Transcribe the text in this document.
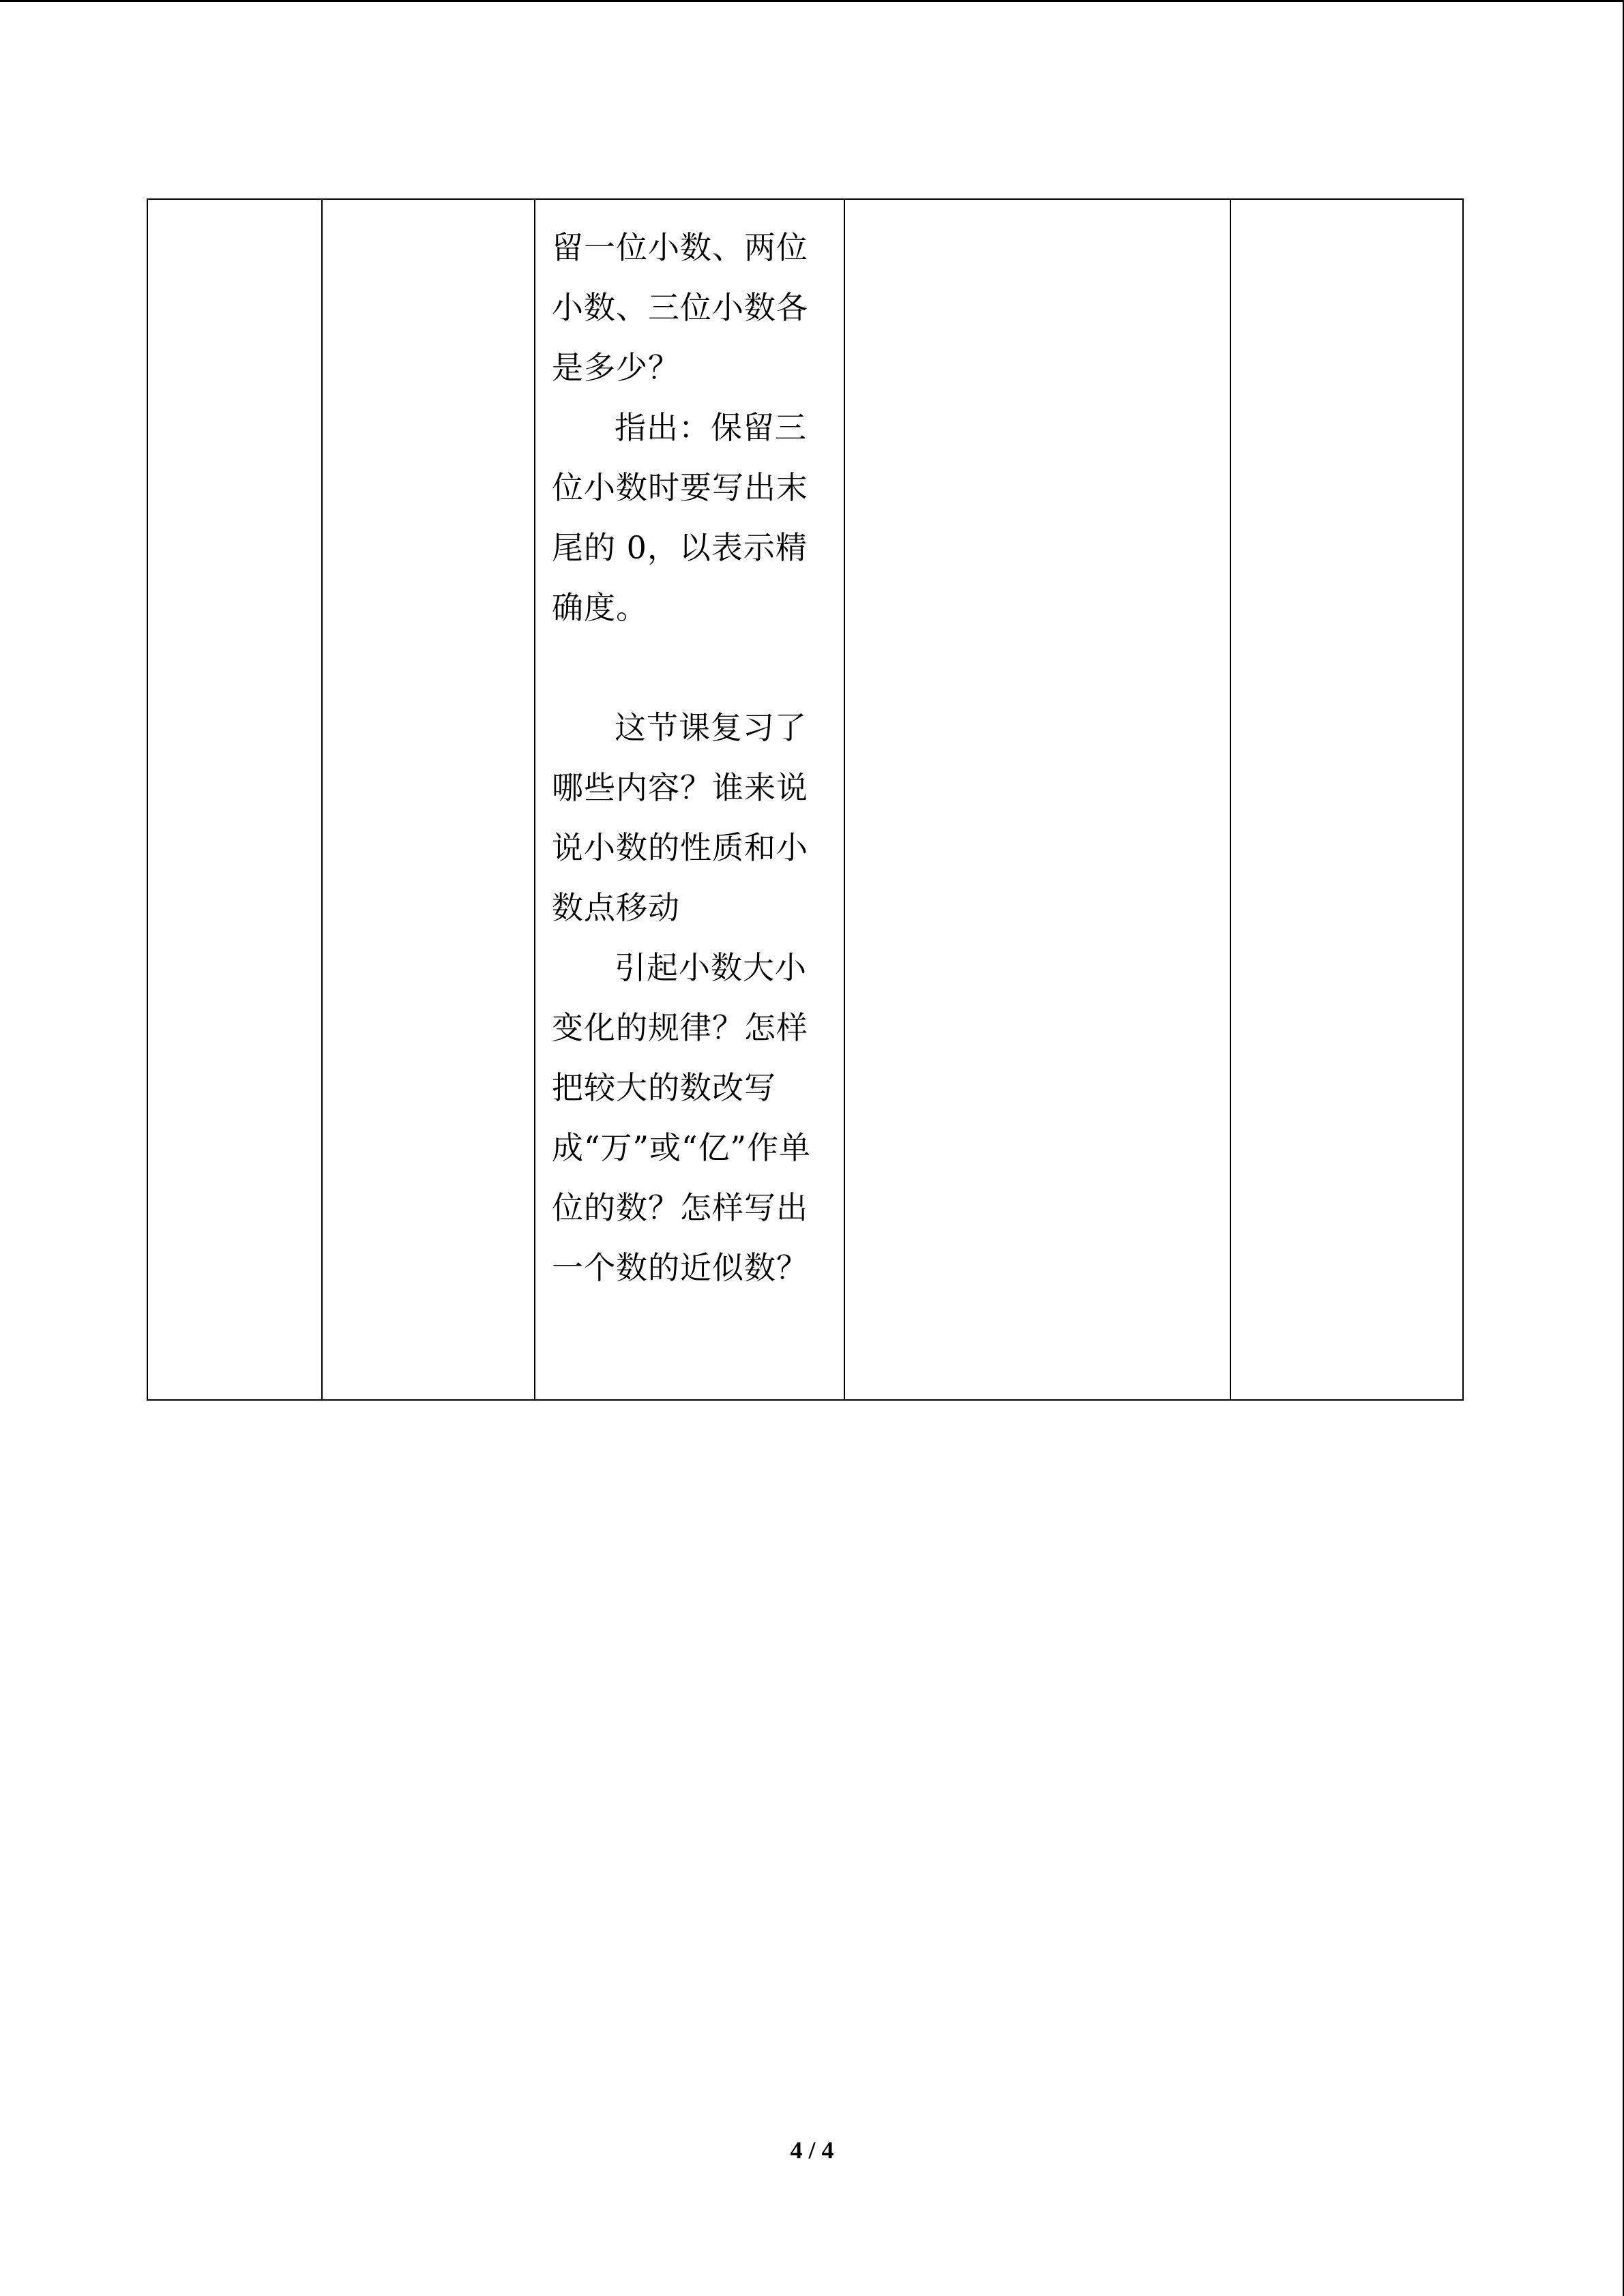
留一位小数、两位小数、三位小数各是多少？

指出：保留三位小数时要写出末尾的 0，以表示精确度。

这节课复习了哪些内容？谁来说说小数的性质和小数点移动

引起小数大小变化的规律？怎样把较大的数改写成“万”或“亿”作单位的数？怎样写出一个数的近似数？

4 / 4
